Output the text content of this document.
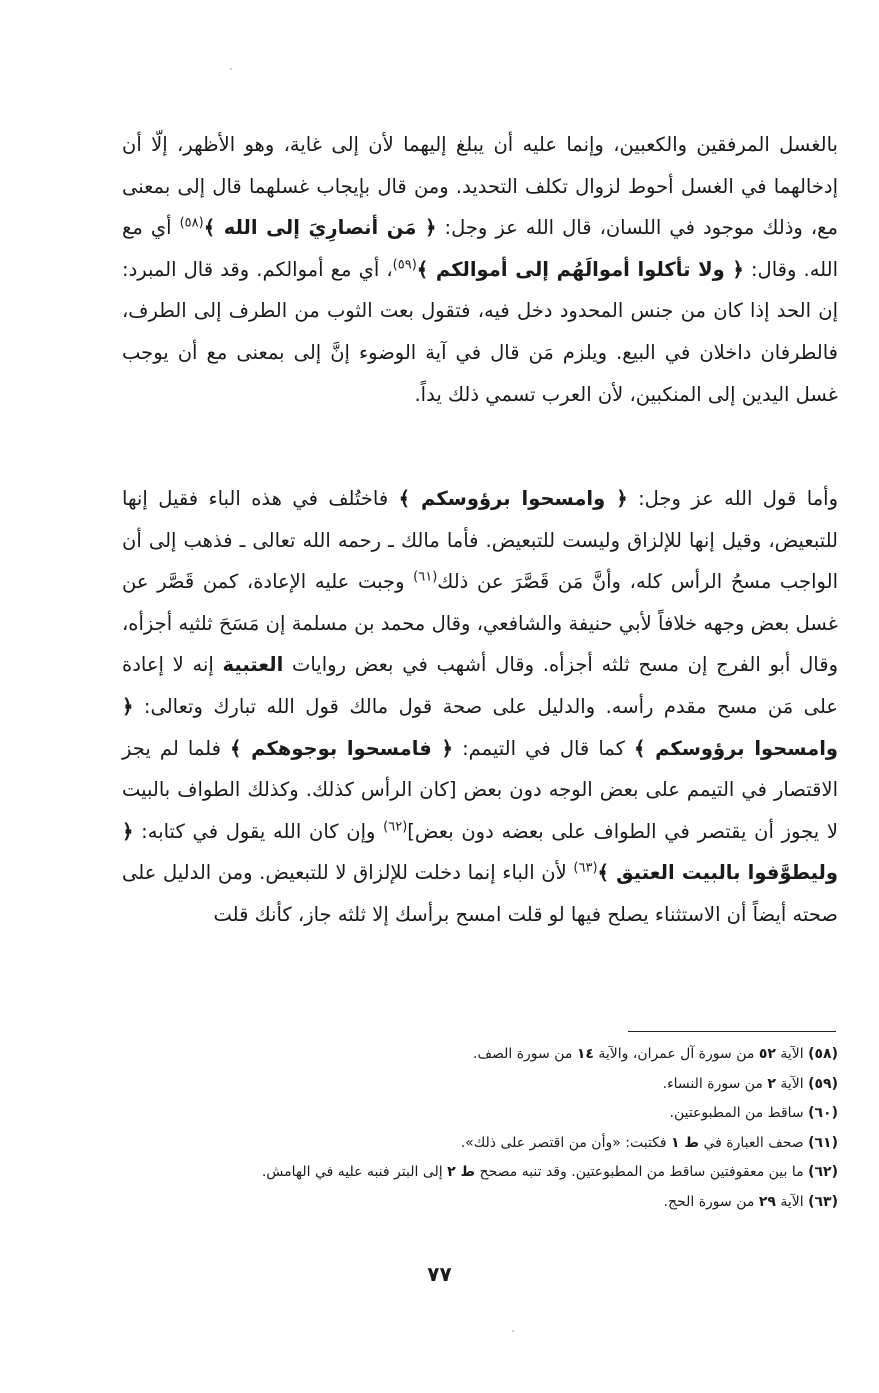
بالغسل المرفقين والكعبين، وإنما عليه أن يبلغ إليهما لأن إلى غاية، وهو الأظهر، إلّا أن إدخالهما في الغسل أحوط لزوال تكلف التحديد. ومن قال بإيجاب غسلهما قال إلى بمعنى مع، وذلك موجود في اللسان، قال الله عز وجل: ﴿ مَن أنصارِيَ إلى الله ﴾$^{(٥٨)}$ أي مع الله. وقال: ﴿ ولا تأكلوا أموالَهُم إلى أموالكم ﴾$^{(٥٩)}$، أي مع أموالكم. وقد قال المبرد: إن الحد إذا كان من جنس المحدود دخل فيه، فتقول بعت الثوب من الطرف إلى الطرف، فالطرفان داخلان في البيع. ويلزم مَن قال في آية الوضوء إنَّ إلى بمعنى مع أن يوجب غسل اليدين إلى المنكبين، لأن العرب تسمي ذلك يداً.

وأما قول الله عز وجل: ﴿ وامسحوا برؤوسكم ﴾ فاختُلف في هذه الباء فقيل إنها للتبعيض، وقيل إنها للإلزاق وليست للتبعيض. فأما مالك ـ رحمه الله تعالى ـ فذهب إلى أن الواجب مسحُ الرأس كله، وأنَّ مَن قَصَّرَ عن ذلك$^{(٦١)}$ وجبت عليه الإعادة، كمن قَصَّر عن غسل بعض وجهه خلافاً لأبي حنيفة والشافعي، وقال محمد بن مسلمة إن مَسَحَ ثلثيه أجزأه، وقال أبو الفرج إن مسح ثلثه أجزأه. وقال أشهب في بعض روايات العتبية إنه لا إعادة على مَن مسح مقدم رأسه. والدليل على صحة قول مالك قول الله تبارك وتعالى: ﴿ وامسحوا برؤوسكم ﴾ كما قال في التيمم: ﴿ فامسحوا بوجوهكم ﴾ فلما لم يجز الاقتصار في التيمم على بعض الوجه دون بعض [كان الرأس كذلك. وكذلك الطواف بالبيت لا يجوز أن يقتصر في الطواف على بعضه دون بعض]$^{(٦٢)}$ وإن كان الله يقول في كتابه: ﴿ وليطوَّفوا بالبيت العتيق ﴾$^{(٦٣)}$ لأن الباء إنما دخلت للإلزاق لا للتبعيض. ومن الدليل على صحته أيضاً أن الاستثناء يصلح فيها لو قلت امسح برأسك إلا ثلثه جاز، كأنك قلت

(٥٨) الآية ٥٢ من سورة آل عمران، والآية ١٤ من سورة الصف.
(٥٩) الآية ٢ من سورة النساء.
(٦٠) ساقط من المطبوعتين.
(٦١) صحف العبارة في ط ١ فكتبت: «وأن من اقتصر على ذلك».
(٦٢) ما بين معقوفتين ساقط من المطبوعتين. وقد تنبه مصحح ط ٢ إلى البتر فنبه عليه في الهامش.
(٦٣) الآية ٢٩ من سورة الحج.
٧٧
